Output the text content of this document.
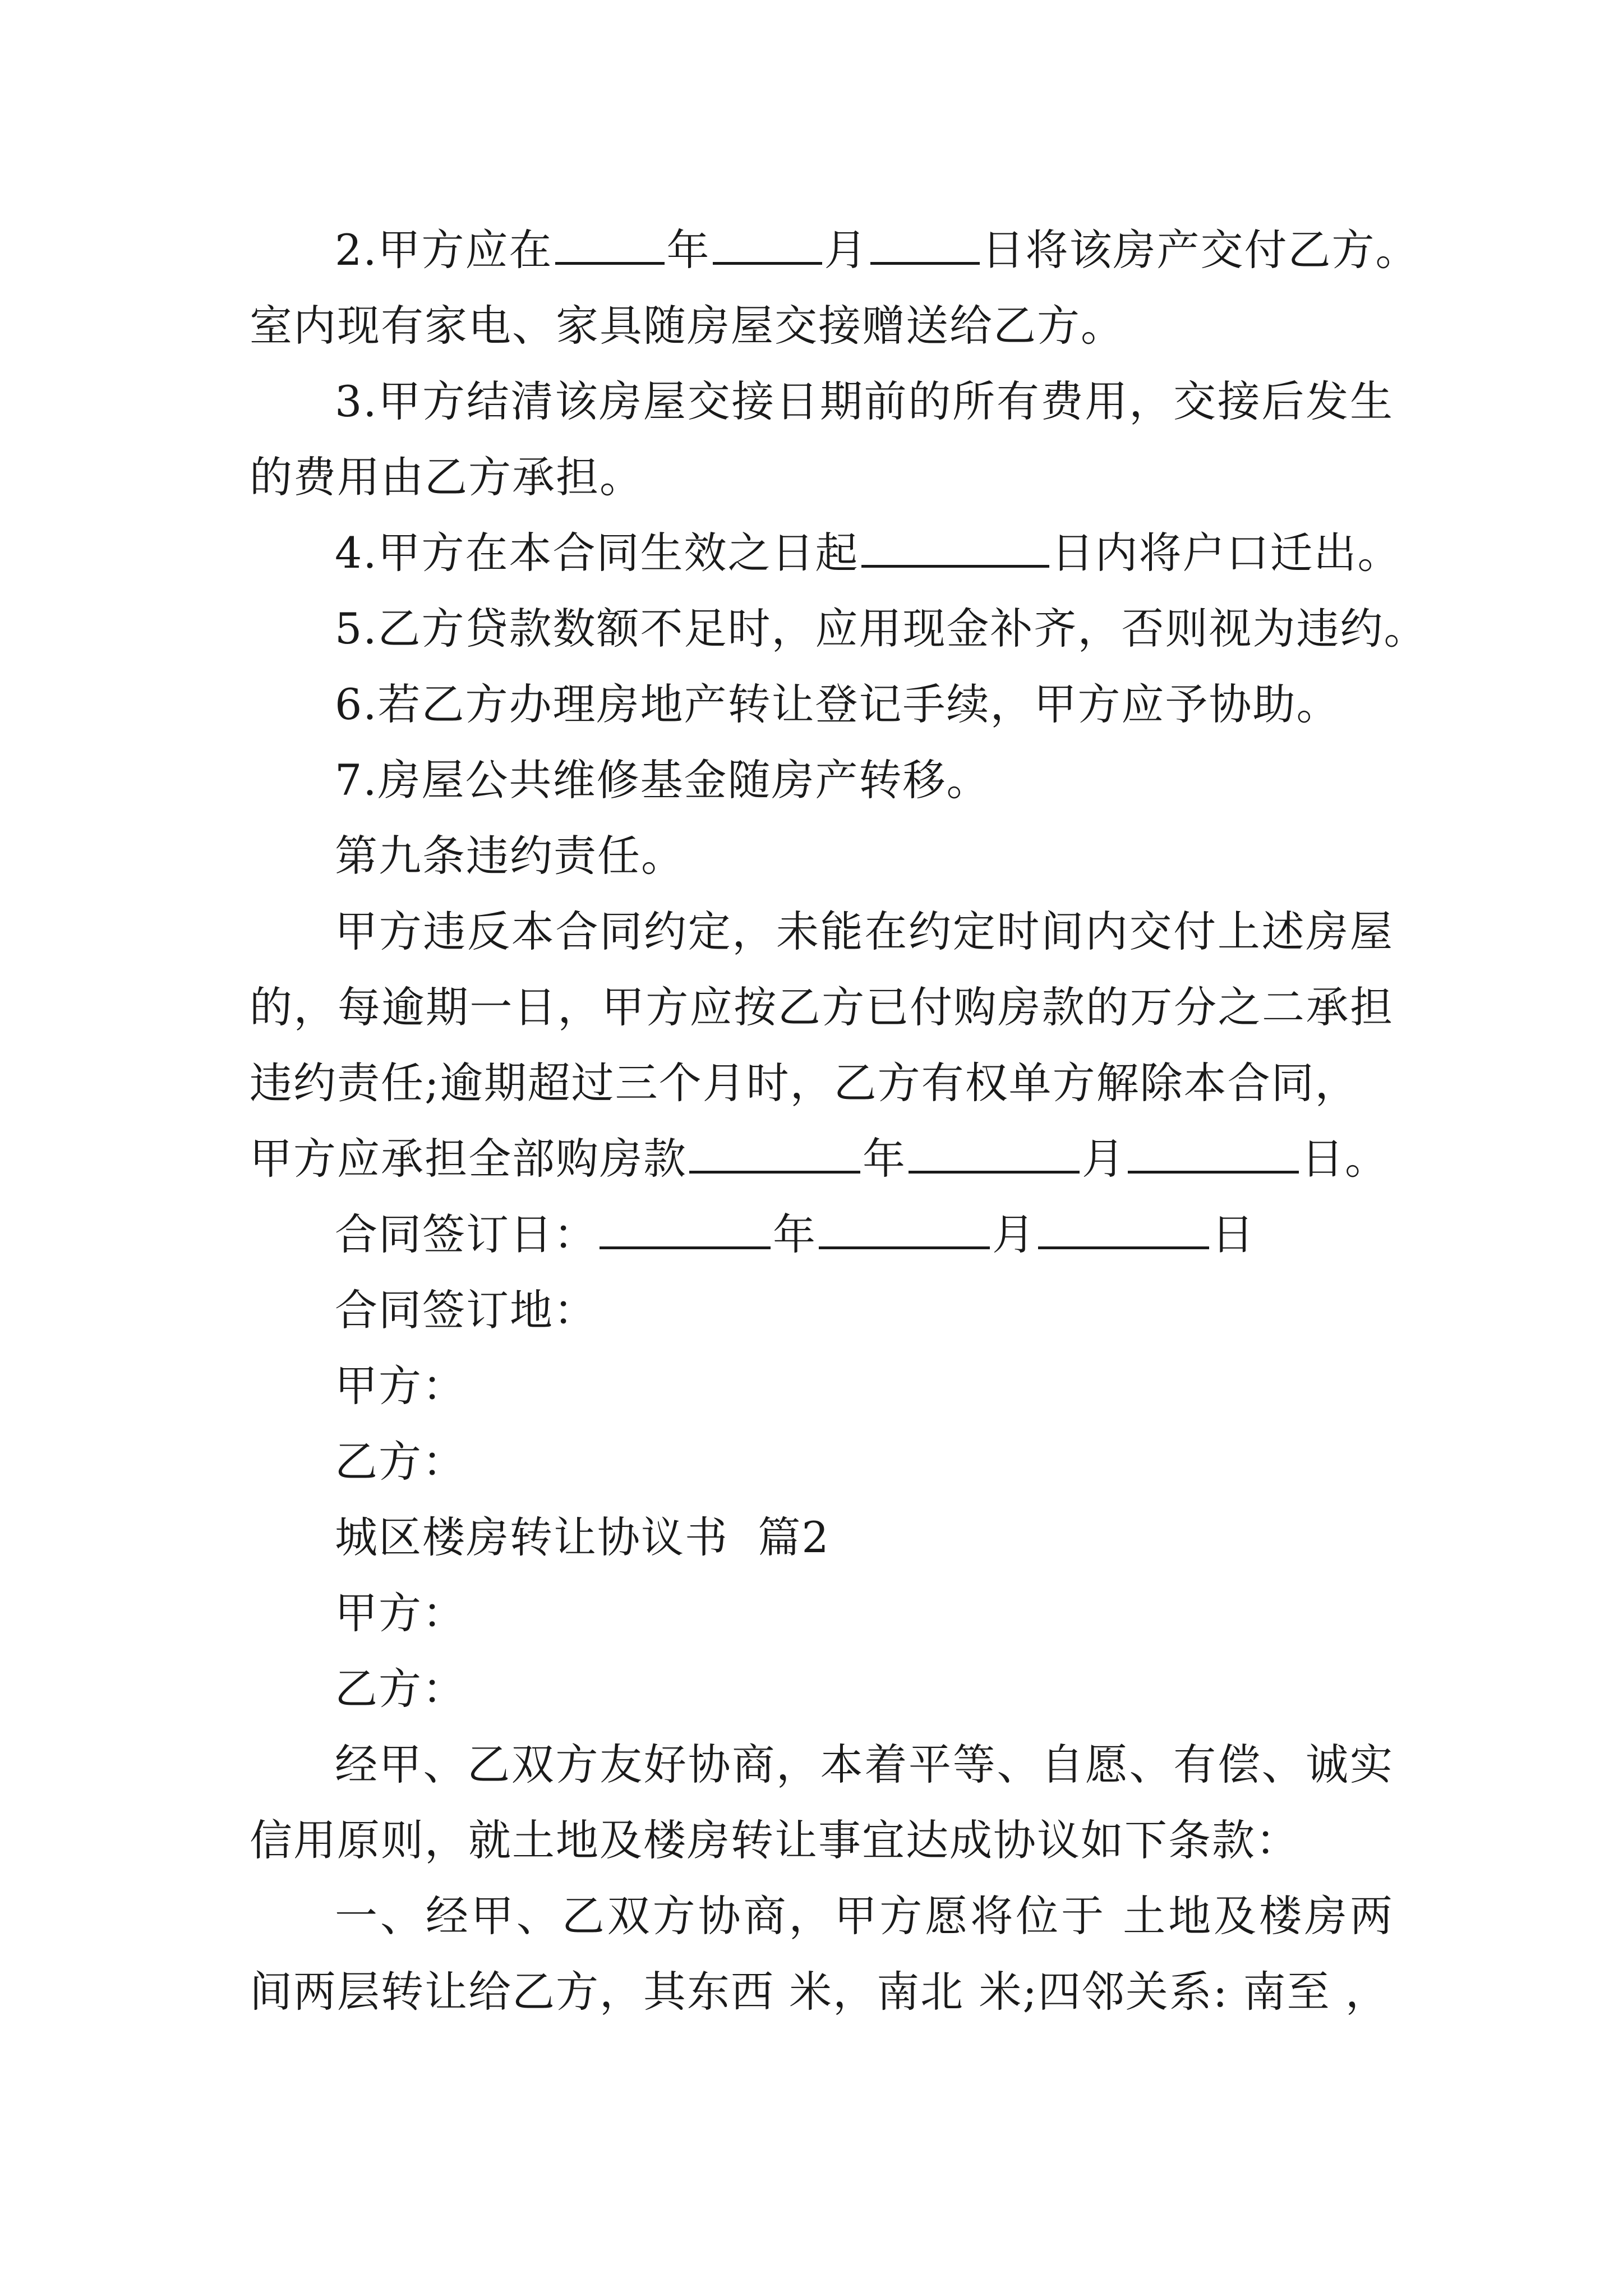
2.甲方应在	年	月	日将该房产交付乙方。

室内现有家电、家具随房屋交接赠送给乙方。

3.甲方结清该房屋交接日期前的所有费用，交接后发生的费用由乙方承担。

4.甲方在本合同生效之日起	日内将户口迁出。

5.乙方贷款数额不足时，应用现金补齐，否则视为违约。

6.若乙方办理房地产转让登记手续，甲方应予协助。

7.房屋公共维修基金随房产转移。

第九条违约责任。

甲方违反本合同约定，未能在约定时间内交付上述房屋的，每逾期一日，甲方应按乙方已付购房款的万分之二承担违约责任;逾期超过三个月时，乙方有权单方解除本合同，

甲方应承担全部购房款	年	月	日。

合同签订日：	年	月	日

合同签订地：

甲方：

乙方：

城区楼房转让协议书  篇2

甲方：

乙方：

经甲、乙双方友好协商，本着平等、自愿、有偿、诚实信用原则，就土地及楼房转让事宜达成协议如下条款：

一、经甲、乙双方协商，甲方愿将位于 土地及楼房两间两层转让给乙方，其东西 米，南北 米;四邻关系: 南至 ，
